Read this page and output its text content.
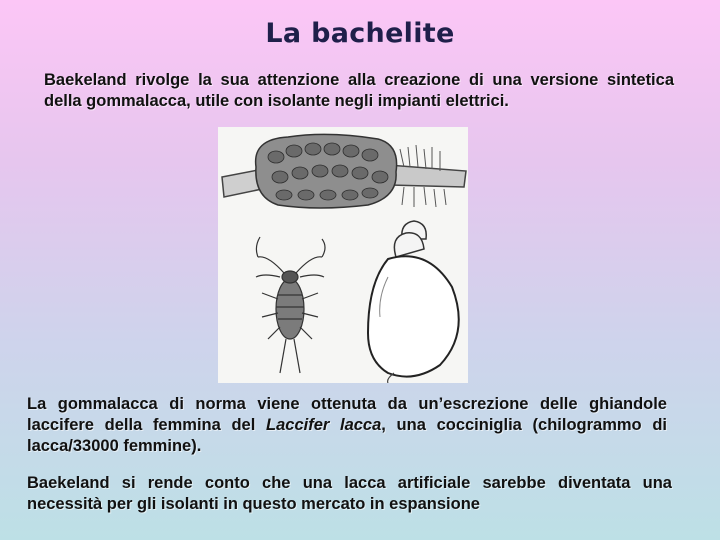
La bachelite
Baekeland rivolge la sua attenzione alla creazione di una versione sintetica della gommalacca, utile con isolante negli impianti elettrici.
La gommalacca di norma viene ottenuta da un’escrezione delle ghiandole laccifere della femmina del Laccifer lacca, una cocciniglia (chilogrammo di lacca/33000 femmine).
Baekeland si rende conto che una lacca artificiale sarebbe diventata una necessità per gli isolanti in questo mercato in espansione
